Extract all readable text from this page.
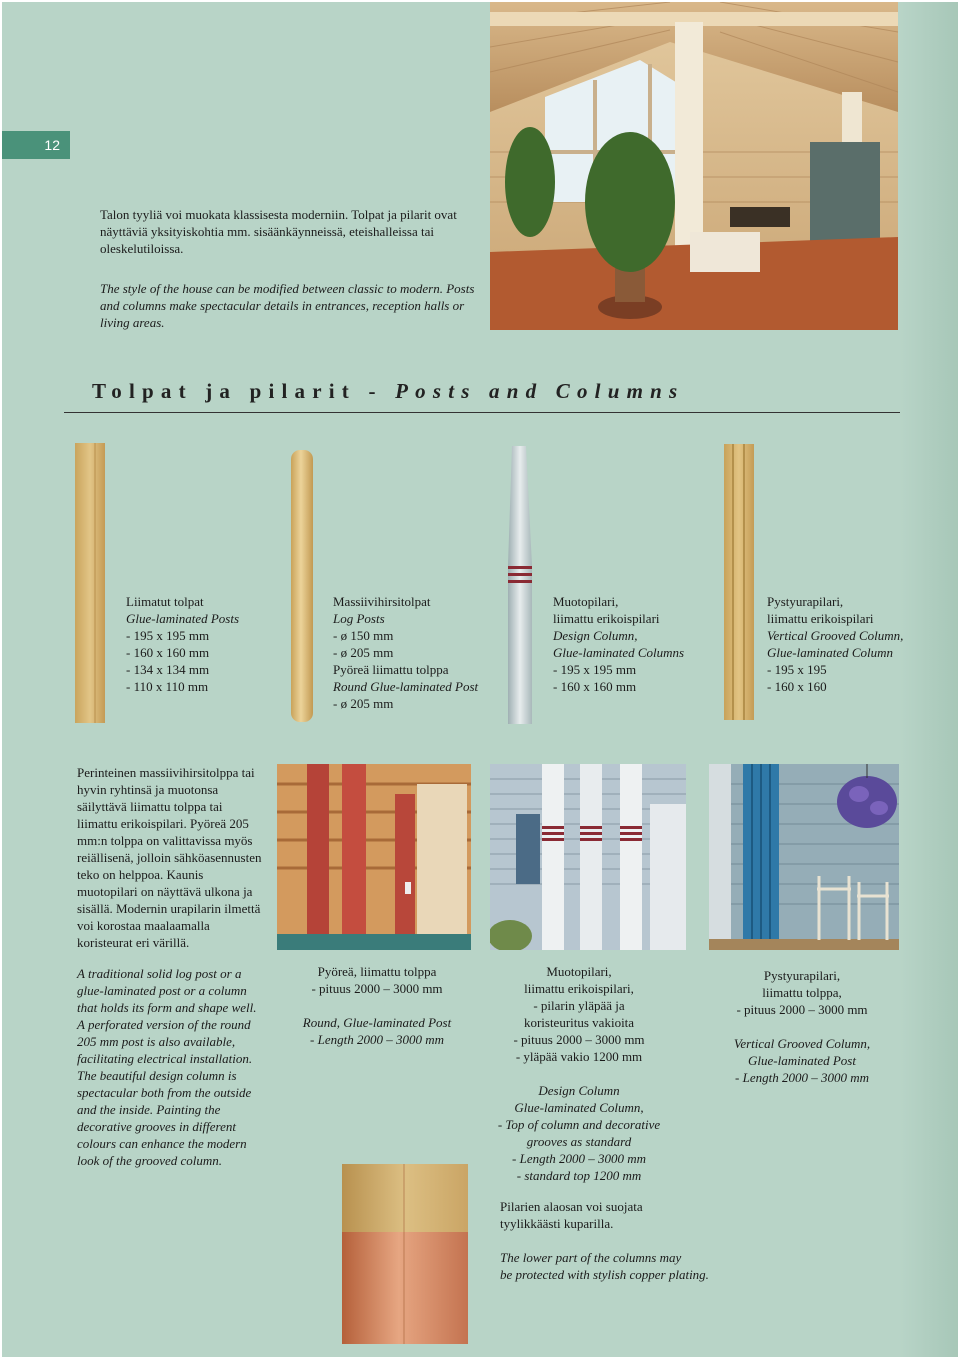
12

Talon tyyliä voi muokata klassisesta moderniin. Tolpat ja pilarit ovat näyttäviä yksityiskohtia mm. sisäänkäynneissä, eteishalleissa tai oleskelutiloissa.

The style of the house can be modified between classic to modern. Posts and columns make spectacular details in entrances, reception halls or living areas.

Tolpat ja pilarit - Posts and Columns
Liimatut tolpat
Glue-laminated Posts
- 195 x 195 mm
- 160 x 160 mm
- 134 x 134 mm
- 110 x 110 mm
Massiivihirsitolpat
Log Posts
- ø 150 mm
- ø 205 mm
Pyöreä liimattu tolppa
Round Glue-laminated Post
- ø 205 mm
Muotopilari,
liimattu erikoispilari
Design Column,
Glue-laminated Columns
- 195 x 195 mm
- 160 x 160 mm
Pystyurapilari,
liimattu erikoispilari
Vertical Grooved Column,
Glue-laminated Column
- 195 x 195
- 160 x 160

Perinteinen massiivihirsitolppa tai hyvin ryhtinsä ja muotonsa säilyttävä liimattu tolppa tai liimattu erikoispilari. Pyöreä 205 mm:n tolppa on valittavissa myös reiällisenä, jolloin sähköasennusten teko on helppoa. Kaunis muotopilari on näyttävä ulkona ja sisällä. Modernin urapilarin ilmettä voi korostaa maalaamalla koristeurat eri värillä.

A traditional solid log post or a glue-laminated post or a column that holds its form and shape well. A perforated version of the round 205 mm post is also available, facilitating electrical installation. The beautiful design column is spectacular both from the outside and the inside. Painting the decorative grooves in different colours can enhance the modern look of the grooved column.

Pyöreä, liimattu tolppa
- pituus 2000 – 3000 mm
Round, Glue-laminated Post
- Length 2000 – 3000 mm
Muotopilari,
liimattu erikoispilari,
- pilarin yläpää ja
koristeuritus vakioita
- pituus 2000 – 3000 mm
- yläpää vakio 1200 mm
Design Column
Glue-laminated Column,
- Top of column and decorative
grooves as standard
- Length 2000 – 3000 mm
- standard top 1200 mm
Pystyurapilari,
liimattu tolppa,
- pituus 2000 – 3000 mm
Vertical Grooved Column,
Glue-laminated Post
- Length 2000 – 3000 mm
Pilarien alaosan voi suojata
tyylikkäästi kuparilla.
The lower part of the columns may
be protected with stylish copper plating.
